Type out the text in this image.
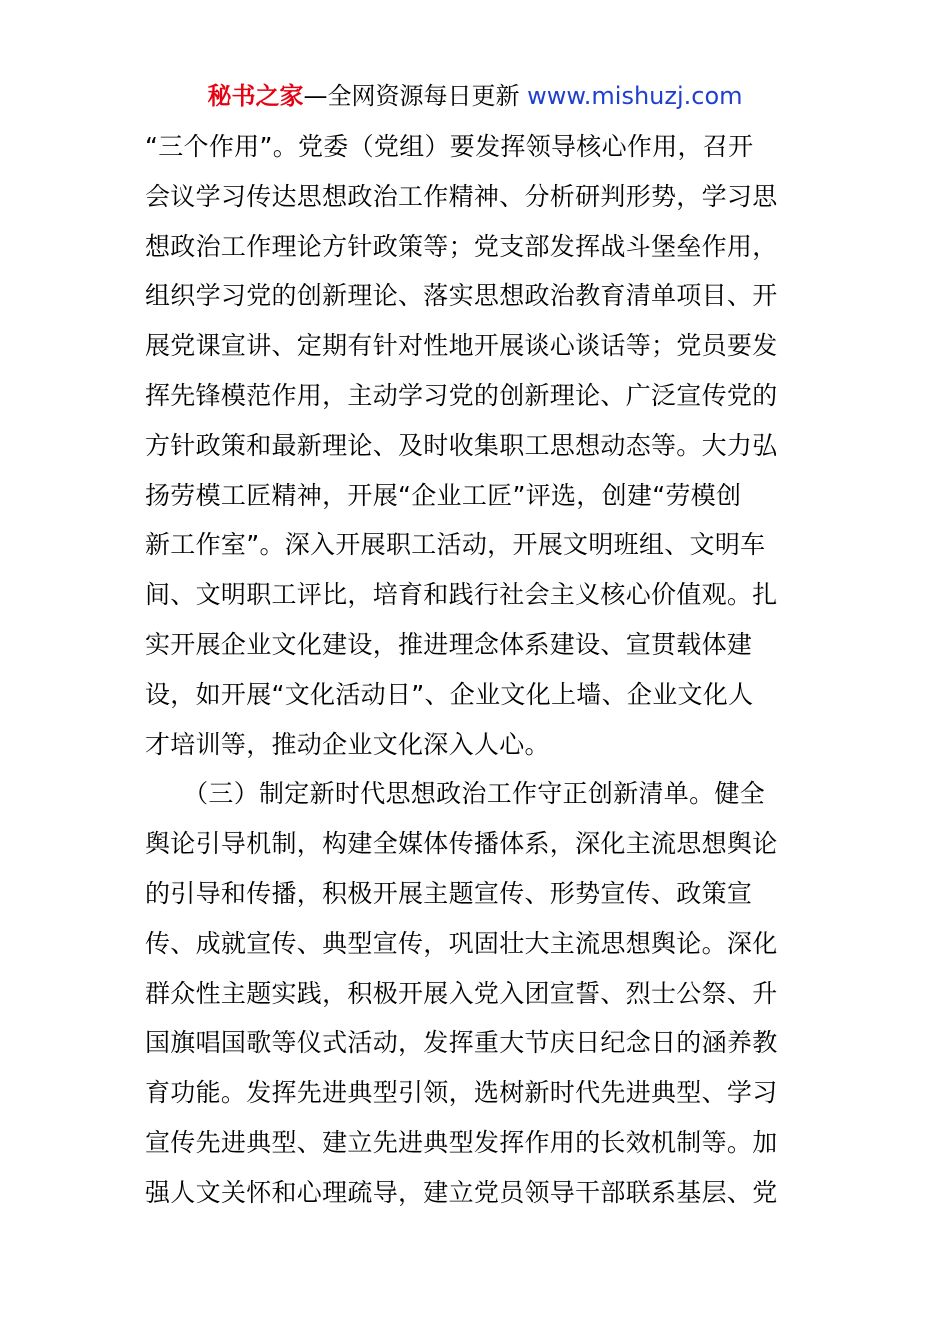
秘书之家—全网资源每日更新 www.mishuzj.com
“三个作用”。党委（党组）要发挥领导核心作用，召开
会议学习传达思想政治工作精神、分析研判形势，学习思
想政治工作理论方针政策等；党支部发挥战斗堡垒作用，
组织学习党的创新理论、落实思想政治教育清单项目、开
展党课宣讲、定期有针对性地开展谈心谈话等；党员要发
挥先锋模范作用，主动学习党的创新理论、广泛宣传党的
方针政策和最新理论、及时收集职工思想动态等。大力弘
扬劳模工匠精神，开展“企业工匠”评选，创建“劳模创
新工作室”。深入开展职工活动，开展文明班组、文明车
间、文明职工评比，培育和践行社会主义核心价值观。扎
实开展企业文化建设，推进理念体系建设、宣贯载体建
设，如开展“文化活动日”、企业文化上墙、企业文化人
才培训等，推动企业文化深入人心。
　　（三）制定新时代思想政治工作守正创新清单。健全
舆论引导机制，构建全媒体传播体系，深化主流思想舆论
的引导和传播，积极开展主题宣传、形势宣传、政策宣
传、成就宣传、典型宣传，巩固壮大主流思想舆论。深化
群众性主题实践，积极开展入党入团宣誓、烈士公祭、升
国旗唱国歌等仪式活动，发挥重大节庆日纪念日的涵养教
育功能。发挥先进典型引领，选树新时代先进典型、学习
宣传先进典型、建立先进典型发挥作用的长效机制等。加
强人文关怀和心理疏导，建立党员领导干部联系基层、党
